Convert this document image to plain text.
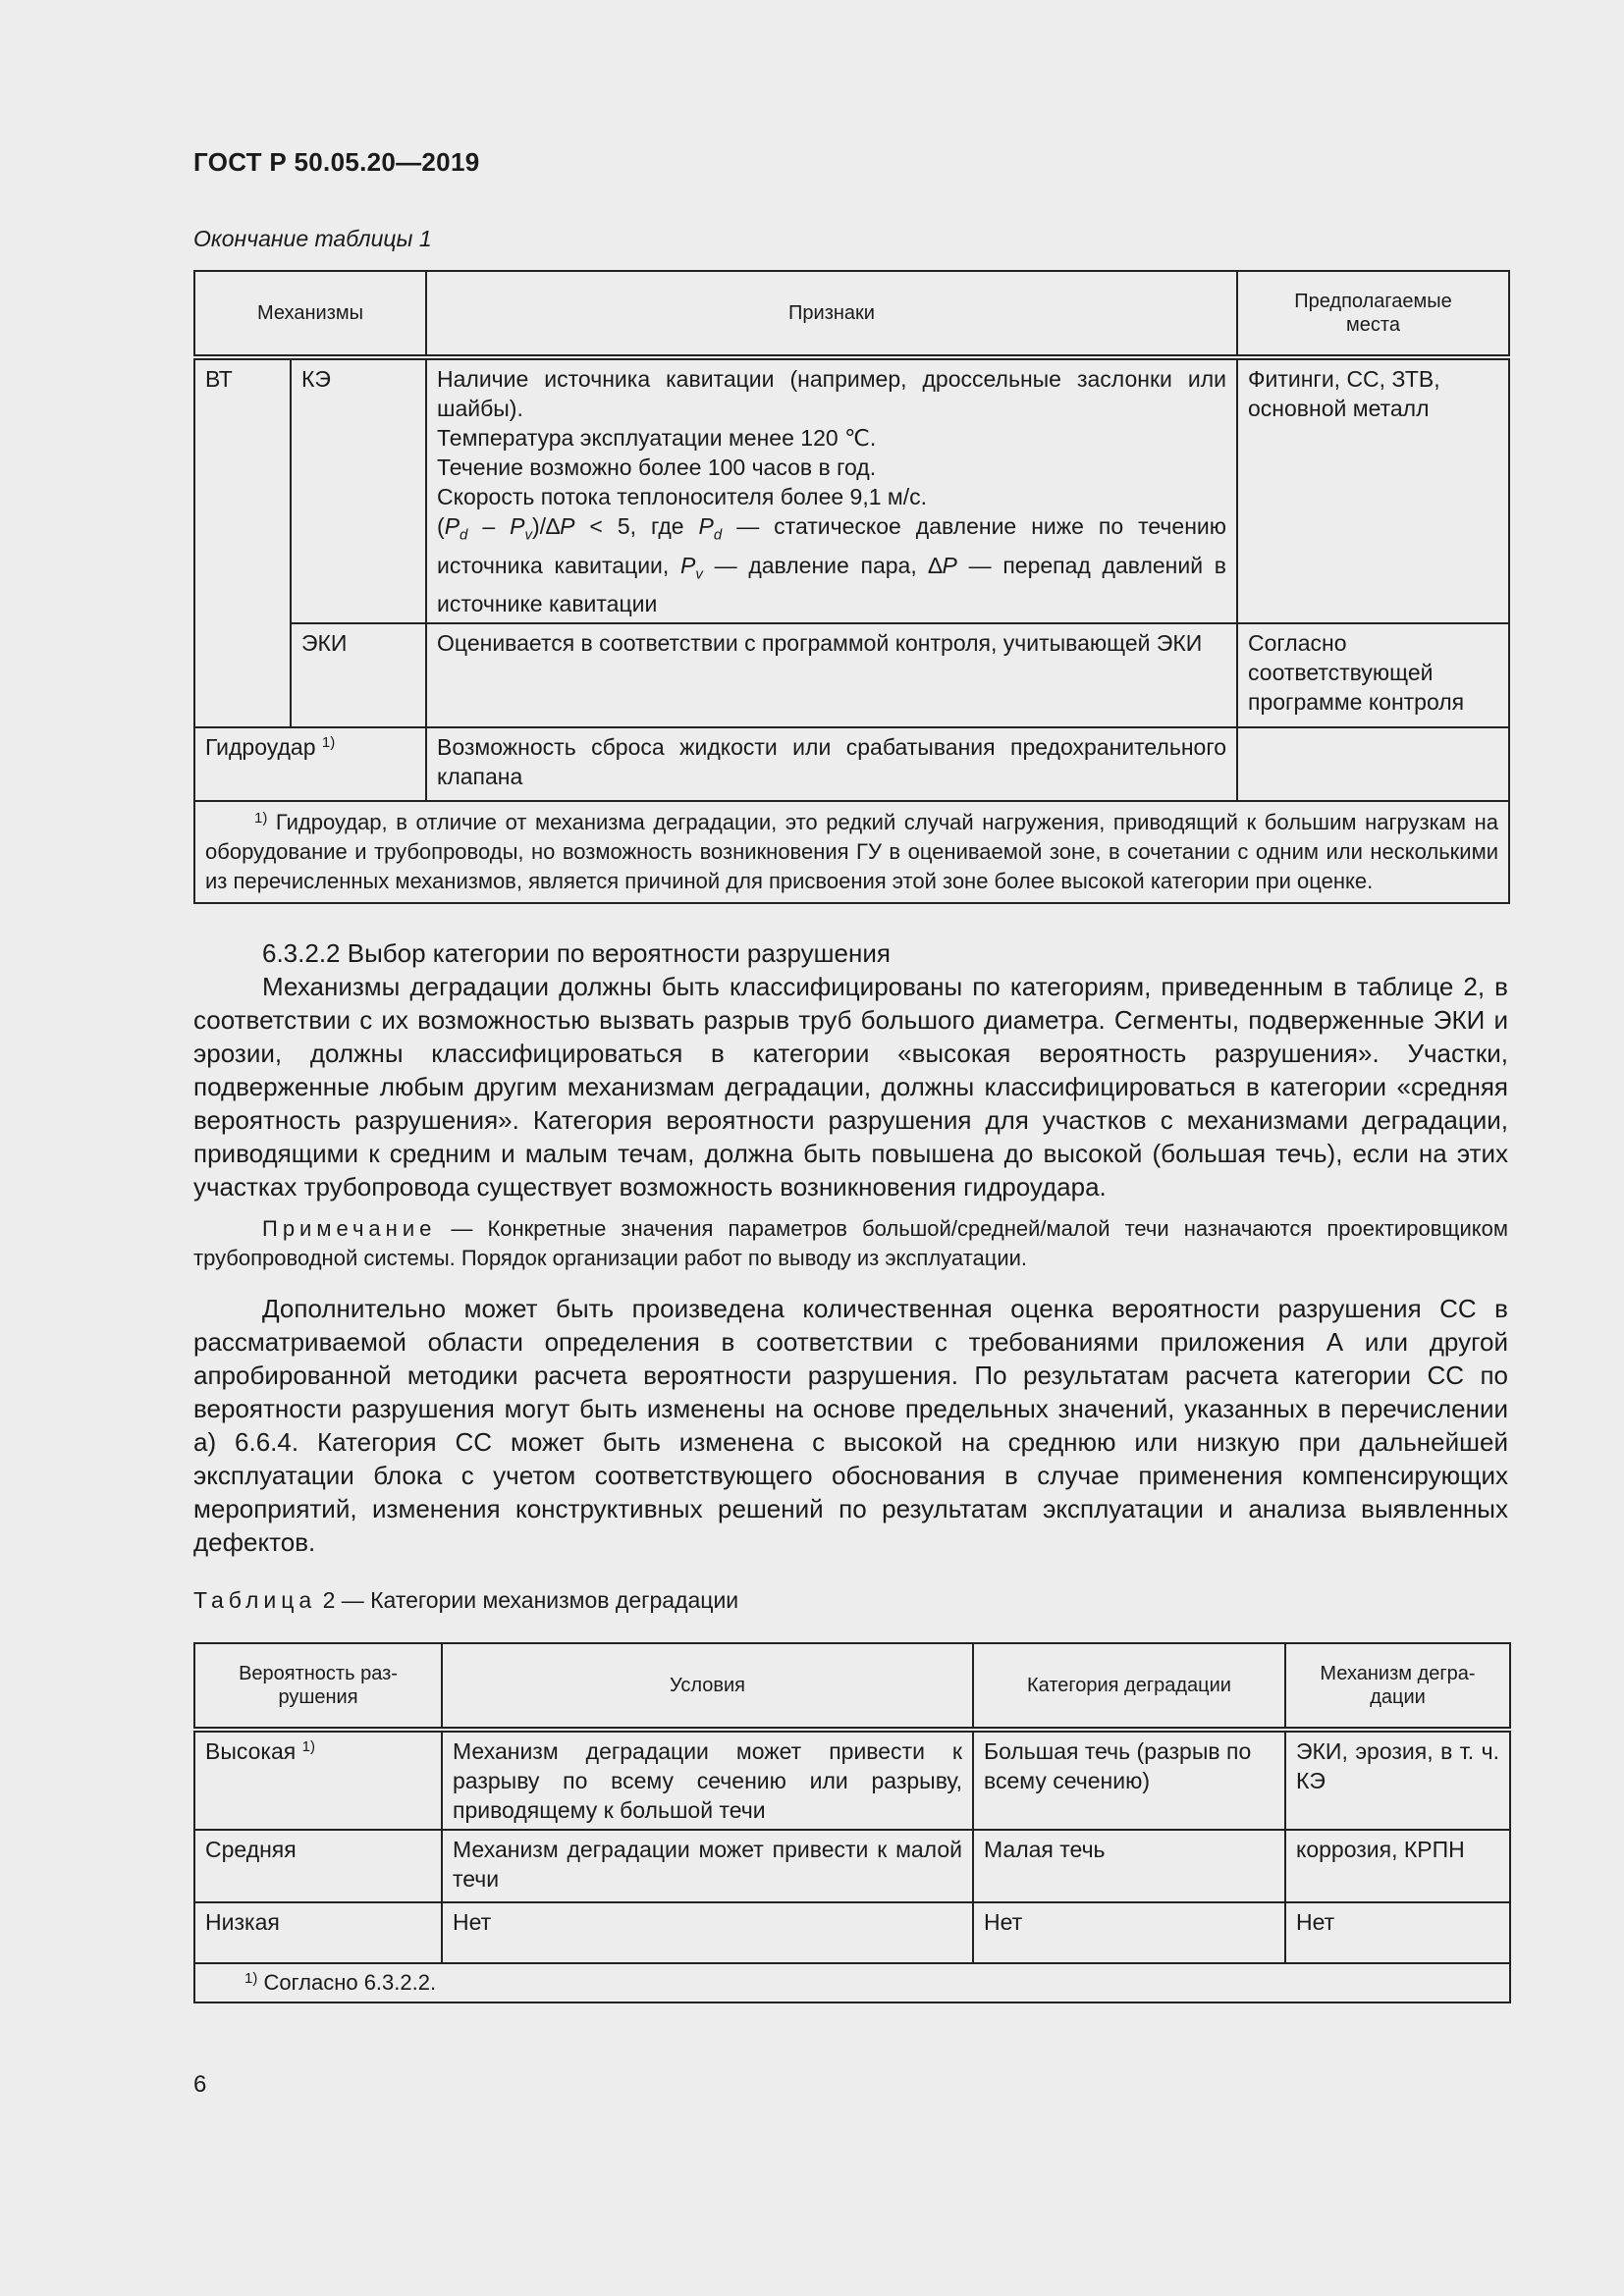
ГОСТ Р 50.05.20—2019
Окончание таблицы 1
Механизмы		Признаки	Предполагаемые
места
ВТ	КЭ	Наличие источника кавитации (например, дроссельные заслонки или шайбы).
Температура эксплуатации менее 120 ℃.
Течение возможно более 100 часов в год.
Скорость потока теплоносителя более 9,1 м/с.
$(P_d - P_v)/\Delta P < 5$, где $P_d$ — статическое давление ниже по течению источника кавитации, $P_v$ — давление пара, ∆P — перепад давлений в источнике кавитации	Фитинги, СС, ЗТВ, основной металл
	ЭКИ	Оценивается в соответствии с программой контроля, учитывающей ЭКИ	Согласно соответствующей программе контроля
Гидроудар $^{1)}$		Возможность сброса жидкости или срабатывания предохранительного клапана	
$^{1)}$ Гидроудар, в отличие от механизма деградации, это редкий случай нагружения, приводящий к большим нагрузкам на оборудование и трубопроводы, но возможность возникновения ГУ в оцениваемой зоне, в сочетании с одним или несколькими из перечисленных механизмов, является причиной для присвоения этой зоне более высокой категории при оценке.			

6.3.2.2 Выбор категории по вероятности разрушения

Механизмы деградации должны быть классифицированы по категориям, приведенным в таблице 2, в соответствии с их возможностью вызвать разрыв труб большого диаметра. Сегменты, подверженные ЭКИ и эрозии, должны классифицироваться в категории «высокая вероятность разрушения». Участки, подверженные любым другим механизмам деградации, должны классифицироваться в категории «средняя вероятность разрушения». Категория вероятности разрушения для участков с механизмами деградации, приводящими к средним и малым течам, должна быть повышена до высокой (большая течь), если на этих участках трубопровода существует возможность возникновения гидроудара.

Примечание — Конкретные значения параметров большой/средней/малой течи назначаются проектировщиком трубопроводной системы. Порядок организации работ по выводу из эксплуатации.

Дополнительно может быть произведена количественная оценка вероятности разрушения СС в рассматриваемой области определения в соответствии с требованиями приложения А или другой апробированной методики расчета вероятности разрушения. По результатам расчета категории СС по вероятности разрушения могут быть изменены на основе предельных значений, указанных в перечислении а) 6.6.4. Категория СС может быть изменена с высокой на среднюю или низкую при дальнейшей эксплуатации блока с учетом соответствующего обоснования в случае применения компенсирующих мероприятий, изменения конструктивных решений по результатам эксплуатации и анализа выявленных дефектов.

Таблица 2 — Категории механизмов деградации
Вероятность раз-
рушения	Условия	Категория деградации	Механизм дегра-
дации
Высокая $^{1)}$	Механизм деградации может привести к разрыву по всему сечению или разрыву, приводящему к большой течи	Большая течь (разрыв по всему сечению)	ЭКИ, эрозия, в т. ч. КЭ
Средняя	Механизм деградации может привести к малой течи	Малая течь	коррозия, КРПН
Низкая	Нет	Нет	Нет
$^{1)}$ Согласно 6.3.2.2.			
6
